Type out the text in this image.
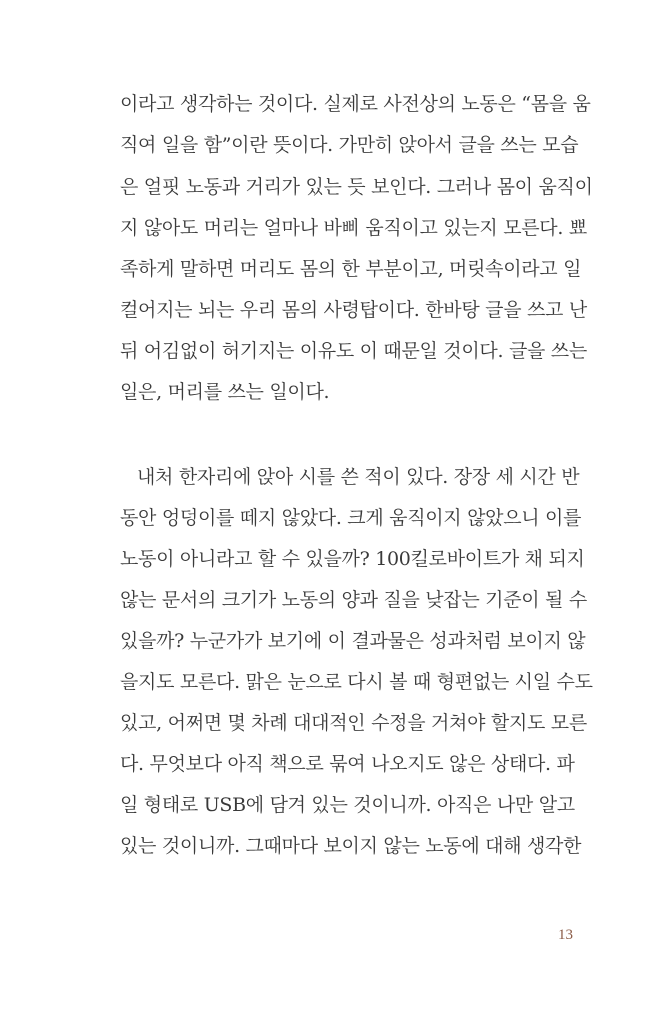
이라고 생각하는 것이다. 실제로 사전상의 노동은 “몸을 움
직여 일을 함”이란 뜻이다. 가만히 앉아서 글을 쓰는 모습
은 얼핏 노동과 거리가 있는 듯 보인다. 그러나 몸이 움직이
지 않아도 머리는 얼마나 바삐 움직이고 있는지 모른다. 뾰
족하게 말하면 머리도 몸의 한 부분이고, 머릿속이라고 일
컬어지는 뇌는 우리 몸의 사령탑이다. 한바탕 글을 쓰고 난
뒤 어김없이 허기지는 이유도 이 때문일 것이다. 글을 쓰는
일은, 머리를 쓰는 일이다.
내처 한자리에 앉아 시를 쓴 적이 있다. 장장 세 시간 반
동안 엉덩이를 떼지 않았다. 크게 움직이지 않았으니 이를
노동이 아니라고 할 수 있을까? 100킬로바이트가 채 되지
않는 문서의 크기가 노동의 양과 질을 낮잡는 기준이 될 수
있을까? 누군가가 보기에 이 결과물은 성과처럼 보이지 않
을지도 모른다. 맑은 눈으로 다시 볼 때 형편없는 시일 수도
있고, 어쩌면 몇 차례 대대적인 수정을 거쳐야 할지도 모른
다. 무엇보다 아직 책으로 묶여 나오지도 않은 상태다. 파
일 형태로 USB에 담겨 있는 것이니까. 아직은 나만 알고
있는 것이니까. 그때마다 보이지 않는 노동에 대해 생각한
13
